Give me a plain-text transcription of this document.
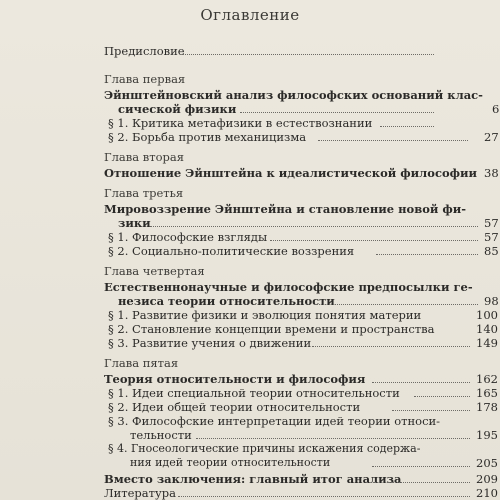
Оглавление
Предисловие
Глава первая
Эйнштейновский анализ философских оснований клас-
сической физики	6
§ 1. Критика метафизики в естествознании
§ 2. Борьба против механицизма	27
Глава вторая
Отношение Эйнштейна к идеалистической философии 38
Глава третья
Мировоззрение Эйнштейна и становление новой фи-
зики	57
§ 1. Философские взгляды	57
§ 2. Социально-политические воззрения	85
Глава четвертая
Естественнонаучные и философские предпосылки ге-
незиса теории относительности	98
§ 1. Развитие физики и эволюция понятия материи	100
§ 2. Становление концепции времени и пространства	140
§ 3. Развитие учения о движении	149
Глава пятая
Теория относительности и философия	162
§ 1. Идеи специальной теории относительности	165
§ 2. Идеи общей теории относительности	178
§ 3. Философские интерпретации идей теории относи-
тельности	195
§ 4. Гносеологические причины искажения содержа-
ния идей теории относительности	205
Вместо заключения: главный итог анализа	209
Литература	210
